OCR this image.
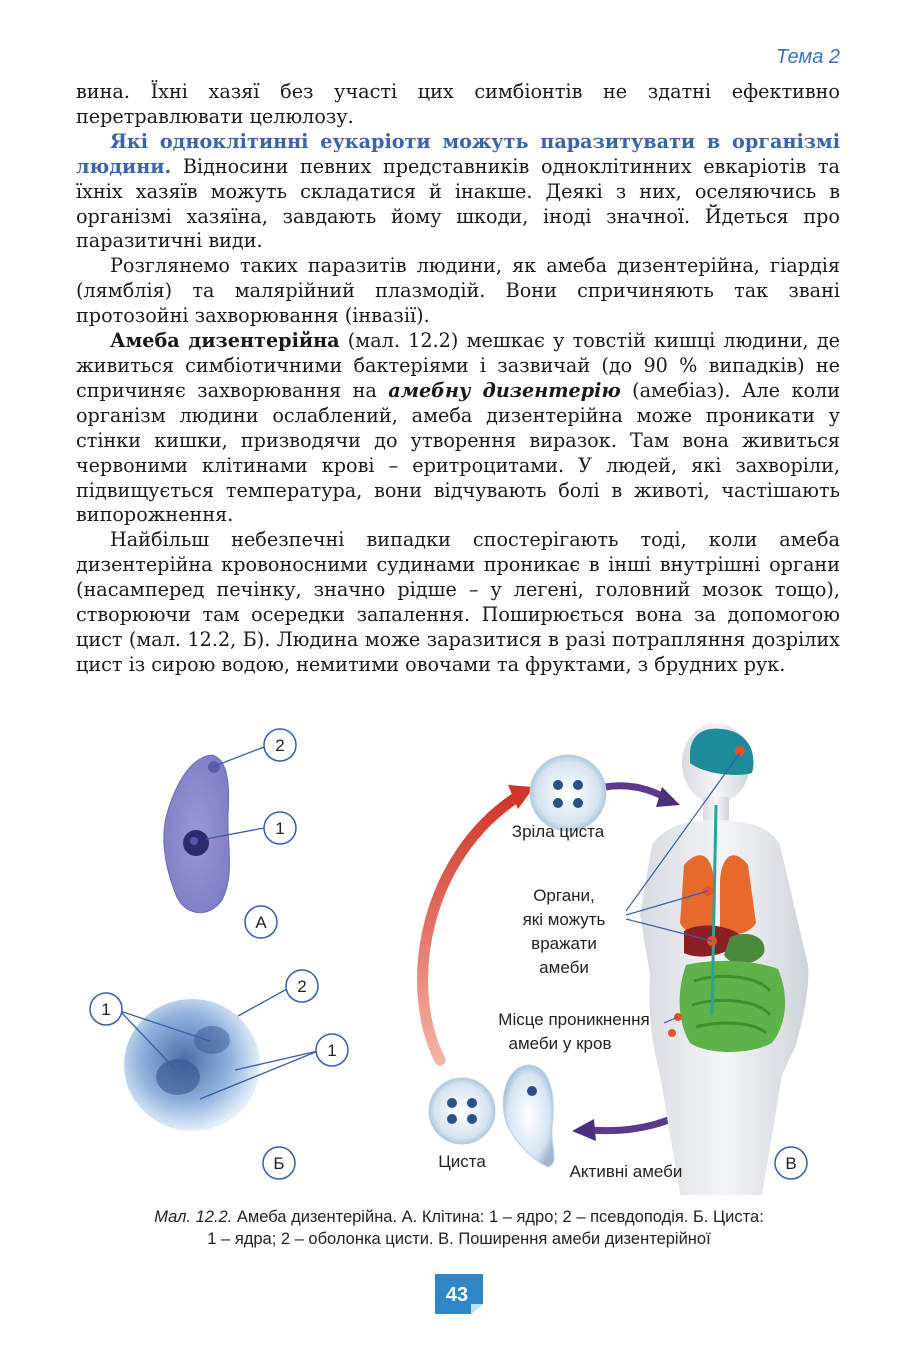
Тема 2

вина. Їхні хазяї без участі цих симбіонтів не здатні ефективно перетравлювати целюлозу.

Які одноклітинні еукаріоти можуть паразитувати в організмі людини. Відносини певних представників одноклітинних евкаріотів та їхніх хазяїв можуть складатися й інакше. Деякі з них, оселяючись в організмі хазяїна, завдають йому шкоди, іноді значної. Йдеться про паразитичні види.

Розглянемо таких паразитів людини, як амеба дизентерійна, гіардія (лямблія) та малярійний плазмодій. Вони спричиняють так звані протозойні захворювання (інвазії).

Амеба дизентерійна (мал. 12.2) мешкає у товстій кишці людини, де живиться симбіотичними бактеріями і зазвичай (до 90 % випадків) не спричиняє захворювання на амебну дизентерію (амебіаз). Але коли організм людини ослаблений, амеба дизентерійна може проникати у стінки кишки, призводячи до утворення виразок. Там вона живиться червоними клітинами крові – еритроцитами. У людей, які захворіли, підвищується температура, вони відчувають болі в животі, частішають випорожнення.

Найбільш небезпечні випадки спостерігають тоді, коли амеба дизентерійна кровоносними судинами проникає в інші внутрішні органи (насамперед печінку, значно рідше – у легені, головний мозок тощо), створюючи там осередки запалення. Поширюється вона за допомогою цист (мал. 12.2, Б). Людина може заразитися в разі потрапляння дозрілих цист із сирою водою, немитими овочами та фруктами, з брудних рук.

2
1
А
1
2
1
Б
Зріла циста
Органи,
які можуть
вражати
амеби
Місце проникнення
амеби у кров
Циста
Активні амеби	В
Мал. 12.2. Амеба дизентерійна. А. Клітина: 1 – ядро; 2 – псевдоподія. Б. Циста:
1 – ядра; 2 – оболонка цисти. В. Поширення амеби дизентерійної
43
